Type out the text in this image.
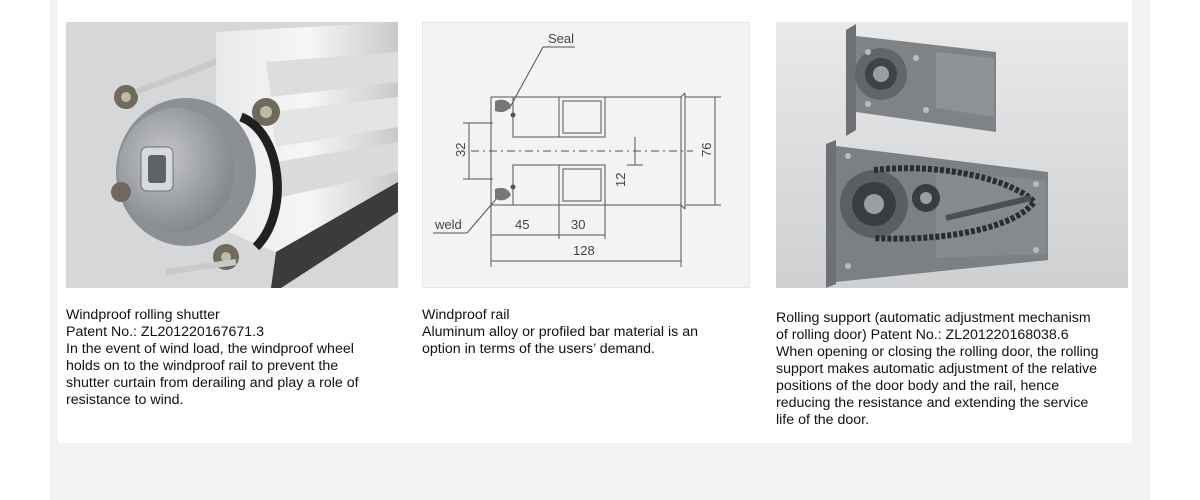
Windproof rolling shutter
Patent No.: ZL201220167671.3
In the event of wind load, the windproof wheel
holds on to the windproof rail to prevent the
shutter curtain from derailing and play a role of
resistance to wind.
Seal
weld
32	76
12
45	30
128
Windproof rail
Aluminum alloy or profiled bar material is an
option in terms of the users’ demand.
Rolling support (automatic adjustment mechanism
of rolling door) Patent No.: ZL201220168038.6
When opening or closing the rolling door, the rolling
support makes automatic adjustment of the relative
positions of the door body and the rail, hence
reducing the resistance and extending the service
life of the door.
